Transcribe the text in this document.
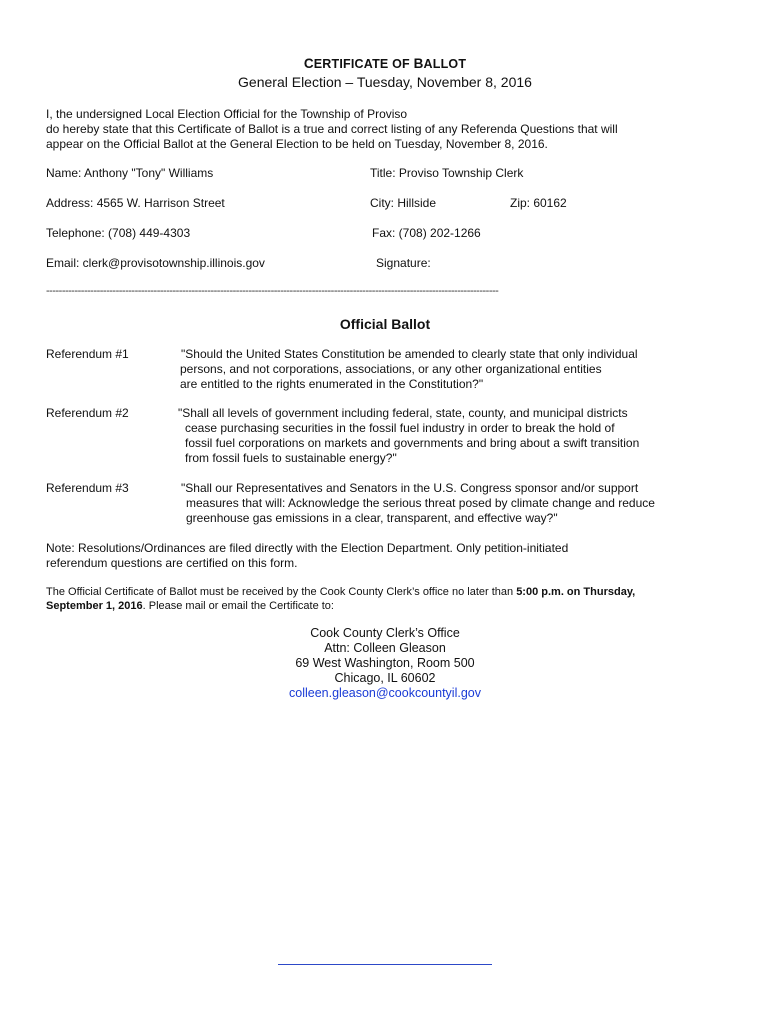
CERTIFICATE OF BALLOT
General Election – Tuesday, November 8, 2016
I, the undersigned Local Election Official for the Township of Proviso
do hereby state that this Certificate of Ballot is a true and correct listing of any Referenda Questions that will
appear on the Official Ballot at the General Election to be held on Tuesday, November 8, 2016.
Name: Anthony "Tony" Williams	Title: Proviso Township Clerk
Address: 4565 W. Harrison Street	City: Hillside	Zip: 60162
Telephone: (708) 449-4303	Fax: (708) 202-1266
Email: clerk@provisotownship.illinois.gov	Signature:
-----------------------------------------------------------------------------------------------------------------------------------------------
Official Ballot
Referendum #1	"Should the United States Constitution be amended to clearly state that only individual
persons, and not corporations, associations, or any other organizational entities
are entitled to the rights enumerated in the Constitution?"
Referendum #2	"Shall all levels of government including federal, state, county, and municipal districts
cease purchasing securities in the fossil fuel industry in order to break the hold of
fossil fuel corporations on markets and governments and bring about a swift transition
from fossil fuels to sustainable energy?"
Referendum #3	"Shall our Representatives and Senators in the U.S. Congress sponsor and/or support
measures that will: Acknowledge the serious threat posed by climate change and reduce
greenhouse gas emissions in a clear, transparent, and effective way?"
Note: Resolutions/Ordinances are filed directly with the Election Department. Only petition-initiated
referendum questions are certified on this form.
The Official Certificate of Ballot must be received by the Cook County Clerk’s office no later than 5:00 p.m. on Thursday,
September 1, 2016. Please mail or email the Certificate to:
Cook County Clerk’s Office
Attn: Colleen Gleason
69 West Washington, Room 500
Chicago, IL 60602
colleen.gleason@cookcountyil.gov
